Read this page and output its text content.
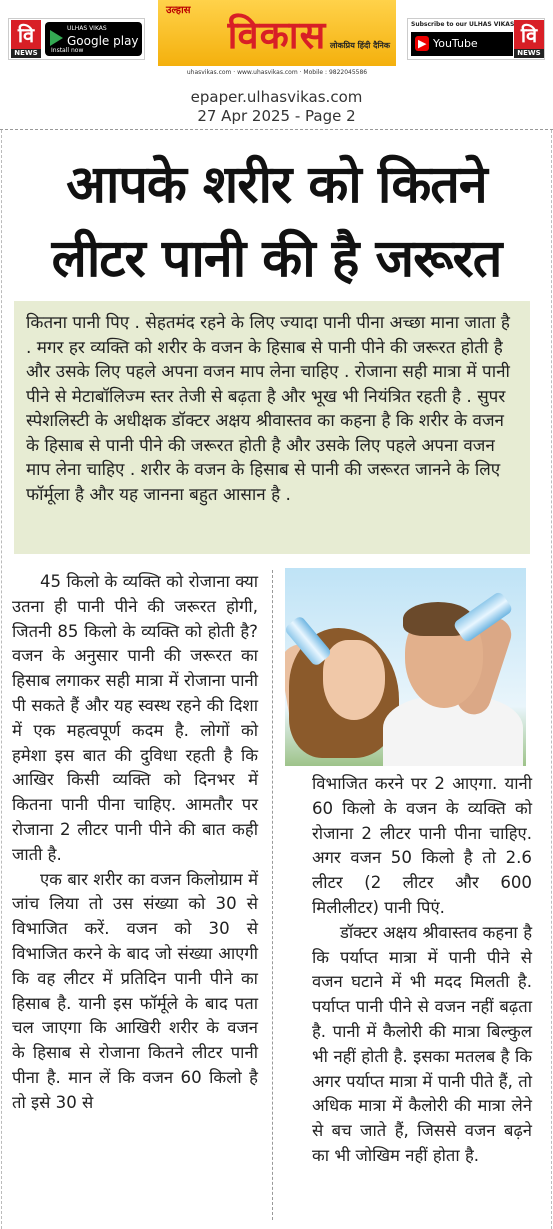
वि
NEWS
ULHAS VIKAS
Google play
Install now
उल्हास
विकास लोकप्रिय हिंदी दैनिक
uhasvikas.com · www.uhasvikas.com · Mobile : 9822045586
Subscribe to our ULHAS VIKAS
▶ YouTube Channel
वि
NEWS
epaper.ulhasvikas.com
27 Apr 2025 - Page 2
आपके शरीर को कितने
लीटर पानी की है जरूरत
कितना पानी पिए . सेहतमंद रहने के लिए ज्यादा पानी पीना अच्छा माना जाता है . मगर हर व्यक्ति को शरीर के वजन के हिसाब से पानी पीने की जरूरत होती है और उसके लिए पहले अपना वजन माप लेना चाहिए . रोजाना सही मात्रा में पानी पीने से मेटाबॉलिज्म स्तर तेजी से बढ़ता है और भूख भी नियंत्रित रहती है . सुपर स्पेशलिस्टी के अधीक्षक डॉक्टर अक्षय श्रीवास्तव का कहना है कि शरीर के वजन के हिसाब से पानी पीने की जरूरत होती है और उसके लिए पहले अपना वजन माप लेना चाहिए . शरीर के वजन के हिसाब से पानी की जरूरत जानने के लिए फॉर्मूला है और यह जानना बहुत आसान है .

45 किलो के व्यक्ति को रोजाना क्या उतना ही पानी पीने की जरूरत होगी, जितनी 85 किलो के व्यक्ति को होती है? वजन के अनुसार पानी की जरूरत का हिसाब लगाकर सही मात्रा में रोजाना पानी पी सकते हैं और यह स्वस्थ रहने की दिशा में एक महत्वपूर्ण कदम है. लोगों को हमेशा इस बात की दुविधा रहती है कि आखिर किसी व्यक्ति को दिनभर में कितना पानी पीना चाहिए. आमतौर पर रोजाना 2 लीटर पानी पीने की बात कही जाती है.

एक बार शरीर का वजन किलोग्राम में जांच लिया तो उस संख्या को 30 से विभाजित करें. वजन को 30 से विभाजित करने के बाद जो संख्या आएगी कि वह लीटर में प्रतिदिन पानी पीने का हिसाब है. यानी इस फॉर्मूले के बाद पता चल जाएगा कि आखिरी शरीर के वजन के हिसाब से रोजाना कितने लीटर पानी पीना है. मान लें कि वजन 60 किलो है तो इसे 30 से

विभाजित करने पर 2 आएगा. यानी 60 किलो के वजन के व्यक्ति को रोजाना 2 लीटर पानी पीना चाहिए. अगर वजन 50 किलो है तो 2.6 लीटर (2 लीटर और 600 मिलीलीटर) पानी पिएं.

डॉक्टर अक्षय श्रीवास्तव कहना है कि पर्याप्त मात्रा में पानी पीने से वजन घटाने में भी मदद मिलती है. पर्याप्त पानी पीने से वजन नहीं बढ़ता है. पानी में कैलोरी की मात्रा बिल्कुल भी नहीं होती है. इसका मतलब है कि अगर पर्याप्त मात्रा में पानी पीते हैं, तो अधिक मात्रा में कैलोरी की मात्रा लेने से बच जाते हैं, जिससे वजन बढ़ने का भी जोखिम नहीं होता है.
